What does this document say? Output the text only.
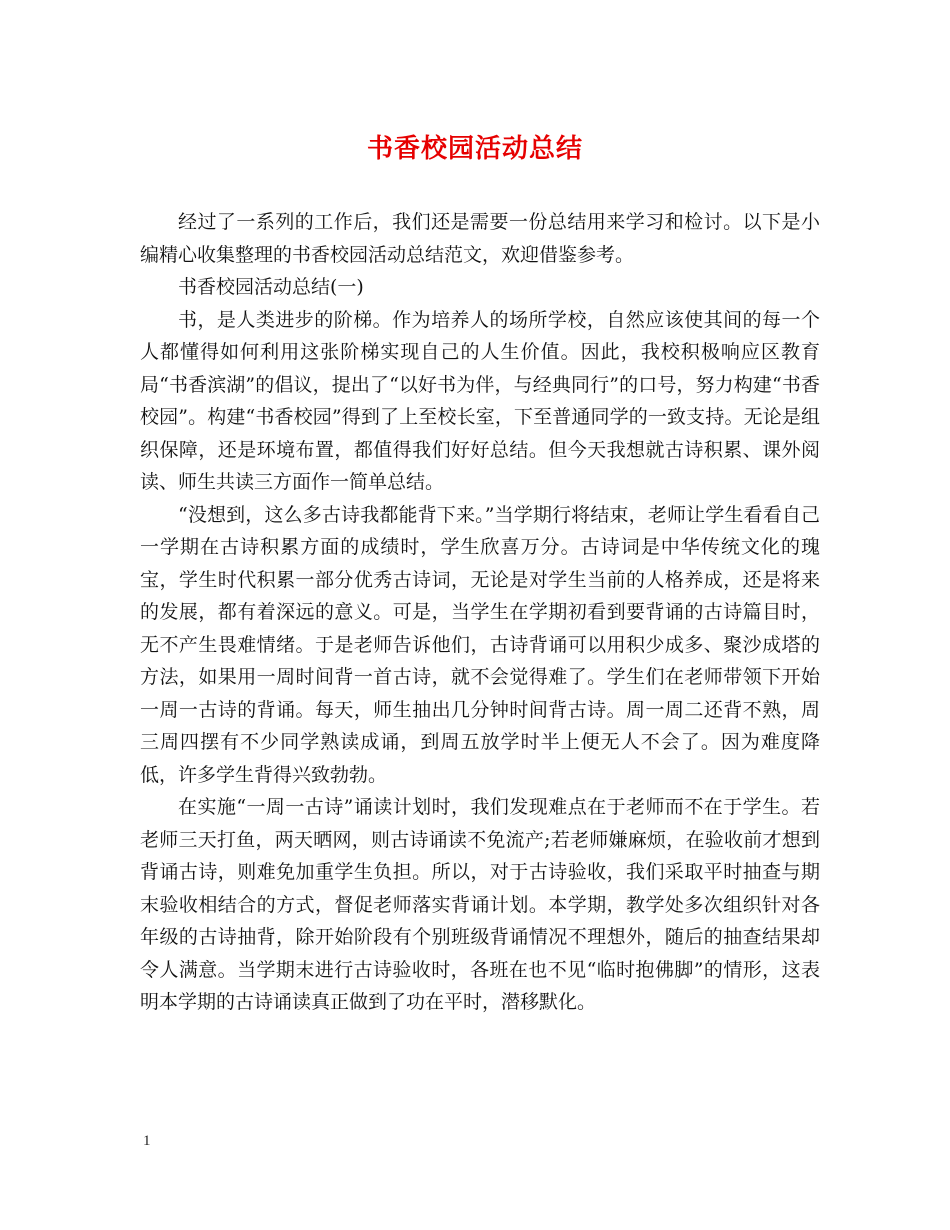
书香校园活动总结

经过了一系列的工作后，我们还是需要一份总结用来学习和检讨。以下是小编精心收集整理的书香校园活动总结范文，欢迎借鉴参考。

书香校园活动总结(一)

书，是人类进步的阶梯。作为培养人的场所学校，自然应该使其间的每一个人都懂得如何利用这张阶梯实现自己的人生价值。因此，我校积极响应区教育局“书香滨湖”的倡议，提出了“以好书为伴，与经典同行”的口号，努力构建“书香校园”。构建“书香校园”得到了上至校长室，下至普通同学的一致支持。无论是组织保障，还是环境布置，都值得我们好好总结。但今天我想就古诗积累、课外阅读、师生共读三方面作一简单总结。

“没想到，这么多古诗我都能背下来。”当学期行将结束，老师让学生看看自己一学期在古诗积累方面的成绩时，学生欣喜万分。古诗词是中华传统文化的瑰宝，学生时代积累一部分优秀古诗词，无论是对学生当前的人格养成，还是将来的发展，都有着深远的意义。可是，当学生在学期初看到要背诵的古诗篇目时，无不产生畏难情绪。于是老师告诉他们，古诗背诵可以用积少成多、聚沙成塔的方法，如果用一周时间背一首古诗，就不会觉得难了。学生们在老师带领下开始一周一古诗的背诵。每天，师生抽出几分钟时间背古诗。周一周二还背不熟，周三周四摆有不少同学熟读成诵，到周五放学时半上便无人不会了。因为难度降低，许多学生背得兴致勃勃。

在实施“一周一古诗”诵读计划时，我们发现难点在于老师而不在于学生。若老师三天打鱼，两天晒网，则古诗诵读不免流产;若老师嫌麻烦，在验收前才想到背诵古诗，则难免加重学生负担。所以，对于古诗验收，我们采取平时抽查与期末验收相结合的方式，督促老师落实背诵计划。本学期，教学处多次组织针对各年级的古诗抽背，除开始阶段有个别班级背诵情况不理想外，随后的抽查结果却令人满意。当学期末进行古诗验收时，各班在也不见“临时抱佛脚”的情形，这表明本学期的古诗诵读真正做到了功在平时，潜移默化。

1
